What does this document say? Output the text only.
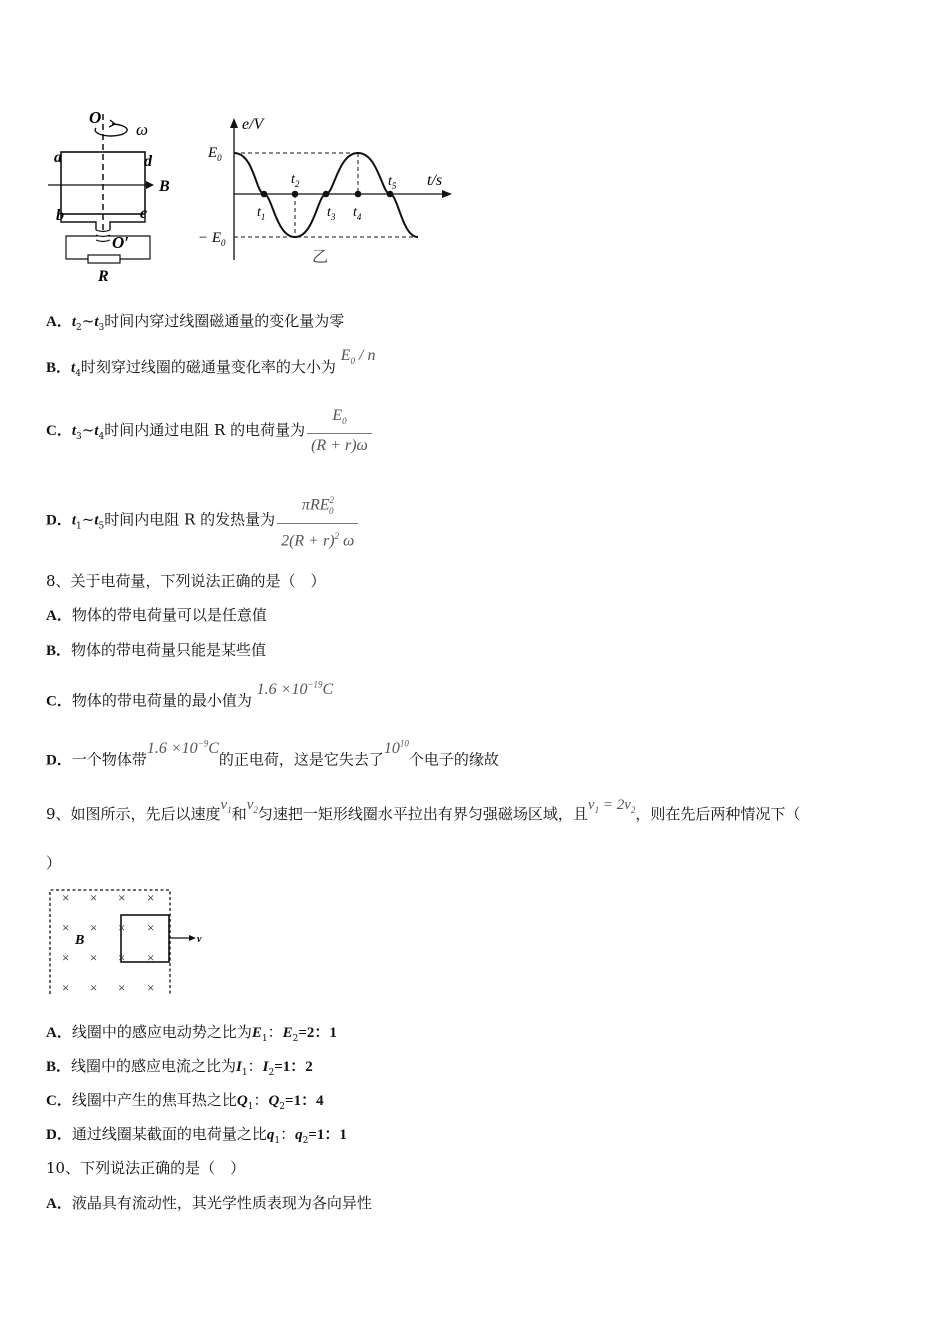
O
ω
a	d
B
b	c
O′
R
e/V
t/s
$E_0$
− $E_0$
$t_1$
$t_2$
$t_3$ $t_4$
$t_5$
乙
A．$t_2\sim t_3$时间内穿过线圈磁通量的变化量为零
B．$t_4$时刻穿过线圈的磁通量变化率的大小为 $E_0$ / n
C．$t_3\sim t_4$时间内通过电阻 R 的电荷量为 $\frac{E_0}{(R + r)\omega}$
D．$t_1\sim t_5$时间内电阻 R 的发热量为 $\frac{\pi RE^2_0}{2(R + r)^2 \omega}$
8、关于电荷量，下列说法正确的是（　）
A．物体的带电荷量可以是任意值
B．物体的带电荷量只能是某些值
C．物体的带电荷量的最小值为 $1.6 \times 10^{-19}C$
D．一个物体带$1.6 \times 10^{-9}C$的正电荷，这是它失去了$10^{10}$个电子的缘故
9、如图所示，先后以速度$v_1$和$v_2$匀速把一矩形线圈水平拉出有界匀强磁场区域，且$v_1 = 2v_2$，则在先后两种情况下（
）
v
B
× × × ×
× × × ×
× × × ×
× × × ×
A．线圈中的感应电动势之比为$E_1$：$E_2=2$：1
B．线圈中的感应电流之比为$I_1$：$I_2=1$：2
C．线圈中产生的焦耳热之比$Q_1$：$Q_2=1$：4
D．通过线圈某截面的电荷量之比$q_1$：$q_2=1$：1
10、下列说法正确的是（　）
A．液晶具有流动性，其光学性质表现为各向异性
